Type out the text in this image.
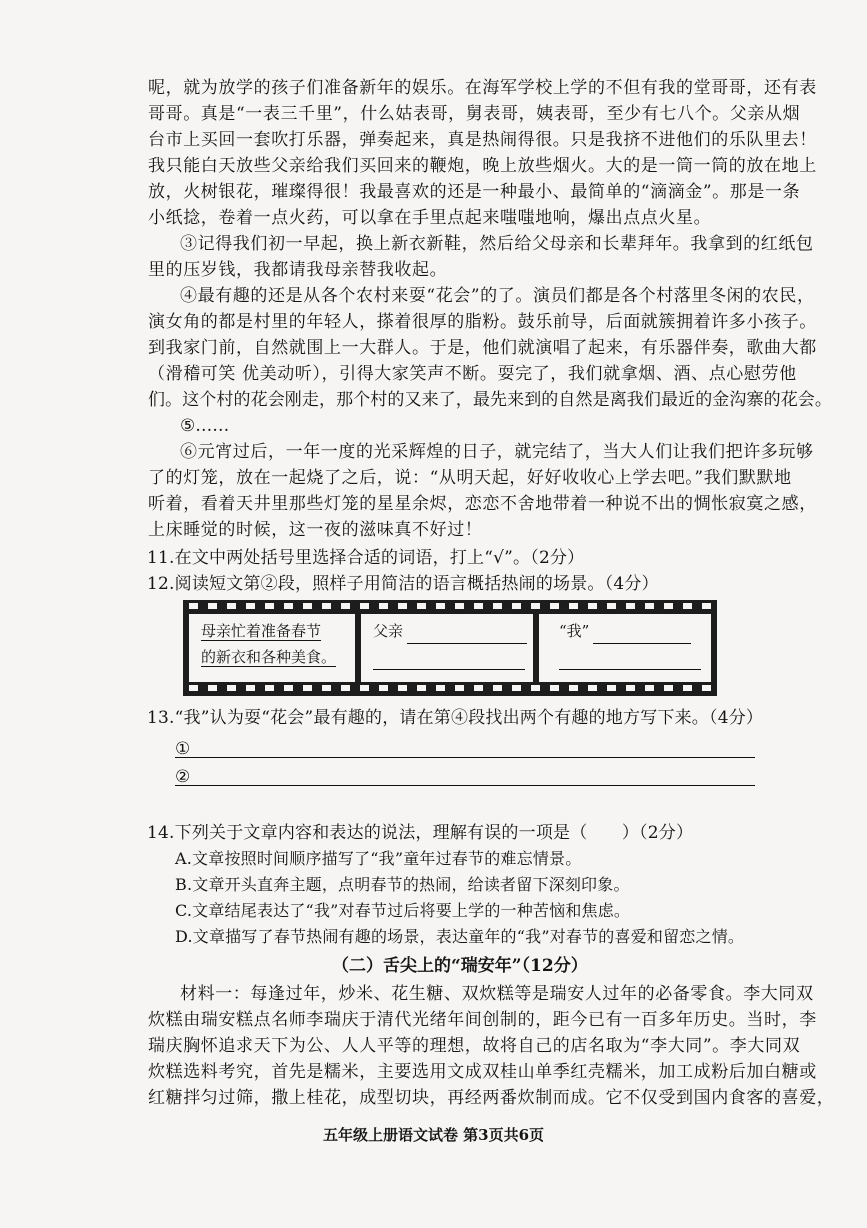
呢，就为放学的孩子们准备新年的娱乐。在海军学校上学的不但有我的堂哥哥，还有表
哥哥。真是“一表三千里”，什么姑表哥，舅表哥，姨表哥，至少有七八个。父亲从烟
台市上买回一套吹打乐器，弹奏起来，真是热闹得很。只是我挤不进他们的乐队里去！
我只能白天放些父亲给我们买回来的鞭炮，晚上放些烟火。大的是一筒一筒的放在地上
放，火树银花，璀璨得很！我最喜欢的还是一种最小、最简单的“滴滴金”。那是一条
小纸捻，卷着一点火药，可以拿在手里点起来嗤嗤地响，爆出点点火星。
③记得我们初一早起，换上新衣新鞋，然后给父母亲和长辈拜年。我拿到的红纸包
里的压岁钱，我都请我母亲替我收起。
④最有趣的还是从各个农村来耍“花会”的了。演员们都是各个村落里冬闲的农民，
演女角的都是村里的年轻人，搽着很厚的脂粉。鼓乐前导，后面就簇拥着许多小孩子。
到我家门前，自然就围上一大群人。于是，他们就演唱了起来，有乐器伴奏，歌曲大都
（滑稽可笑 优美动听），引得大家笑声不断。耍完了，我们就拿烟、酒、点心慰劳他
们。这个村的花会刚走，那个村的又来了，最先来到的自然是离我们最近的金沟寨的花会。
⑤……
⑥元宵过后，一年一度的光采辉煌的日子，就完结了，当大人们让我们把许多玩够
了的灯笼，放在一起烧了之后，说：“从明天起，好好收收心上学去吧。”我们默默地
听着，看着天井里那些灯笼的星星余烬，恋恋不舍地带着一种说不出的惆怅寂寞之感，
上床睡觉的时候，这一夜的滋味真不好过！
11.在文中两处括号里选择合适的词语，打上“√”。（2分）
12.阅读短文第②段，照样子用简洁的语言概括热闹的场景。（4分）
母亲忙着准备春节
的新衣和各种美食。
父亲	“我”
13.“我”认为耍“花会”最有趣的，请在第④段找出两个有趣的地方写下来。（4分）
①
②
14.下列关于文章内容和表达的说法，理解有误的一项是（　　）（2分）
A.文章按照时间顺序描写了“我”童年过春节的难忘情景。
B.文章开头直奔主题，点明春节的热闹，给读者留下深刻印象。
C.文章结尾表达了“我”对春节过后将要上学的一种苦恼和焦虑。
D.文章描写了春节热闹有趣的场景，表达童年的“我”对春节的喜爱和留恋之情。
（二）舌尖上的“瑞安年”（12分）
材料一：每逢过年，炒米、花生糖、双炊糕等是瑞安人过年的必备零食。李大同双
炊糕由瑞安糕点名师李瑞庆于清代光绪年间创制的，距今已有一百多年历史。当时，李
瑞庆胸怀追求天下为公、人人平等的理想，故将自己的店名取为“李大同”。李大同双
炊糕选料考究，首先是糯米，主要选用文成双桂山单季红壳糯米，加工成粉后加白糖或
红糖拌匀过筛，撒上桂花，成型切块，再经两番炊制而成。它不仅受到国内食客的喜爱，
五年级上册语文试卷 第3页共6页
